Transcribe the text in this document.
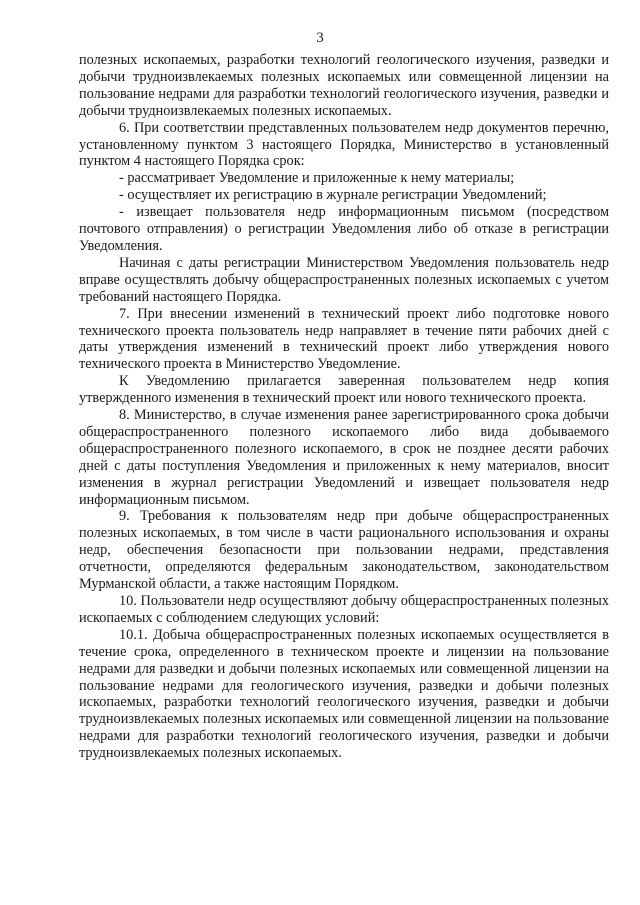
3

полезных ископаемых, разработки технологий геологического изучения, разведки и добычи трудноизвлекаемых полезных ископаемых или совмещенной лицензии на пользование недрами для разработки технологий геологического изучения, разведки и добычи трудноизвлекаемых полезных ископаемых.

6. При соответствии представленных пользователем недр документов перечню, установленному пунктом 3 настоящего Порядка, Министерство в установленный пунктом 4 настоящего Порядка срок:

- рассматривает Уведомление и приложенные к нему материалы;

- осуществляет их регистрацию в журнале регистрации Уведомлений;

- извещает пользователя недр информационным письмом (посредством почтового отправления) о регистрации Уведомления либо об отказе в регистрации Уведомления.

Начиная с даты регистрации Министерством Уведомления пользователь недр вправе осуществлять добычу общераспространенных полезных ископаемых с учетом требований настоящего Порядка.

7. При внесении изменений в технический проект либо подготовке нового технического проекта пользователь недр направляет в течение пяти рабочих дней с даты утверждения изменений в технический проект либо утверждения нового технического проекта в Министерство Уведомление.

К Уведомлению прилагается заверенная пользователем недр копия утвержденного изменения в технический проект или нового технического проекта.

8. Министерство, в случае изменения ранее зарегистрированного срока добычи общераспространенного полезного ископаемого либо вида добываемого общераспространенного полезного ископаемого, в срок не позднее десяти рабочих дней с даты поступления Уведомления и приложенных к нему материалов, вносит изменения в журнал регистрации Уведомлений и извещает пользователя недр информационным письмом.

9. Требования к пользователям недр при добыче общераспространенных полезных ископаемых, в том числе в части рационального использования и охраны недр, обеспечения безопасности при пользовании недрами, представления отчетности, определяются федеральным законодательством, законодательством Мурманской области, а также настоящим Порядком.

10. Пользователи недр осуществляют добычу общераспространенных полезных ископаемых с соблюдением следующих условий:

10.1. Добыча общераспространенных полезных ископаемых осуществляется в течение срока, определенного в техническом проекте и лицензии на пользование недрами для разведки и добычи полезных ископаемых или совмещенной лицензии на пользование недрами для геологического изучения, разведки и добычи полезных ископаемых, разработки технологий геологического изучения, разведки и добычи трудноизвлекаемых полезных ископаемых или совмещенной лицензии на пользование недрами для разработки технологий геологического изучения, разведки и добычи трудноизвлекаемых полезных ископаемых.
